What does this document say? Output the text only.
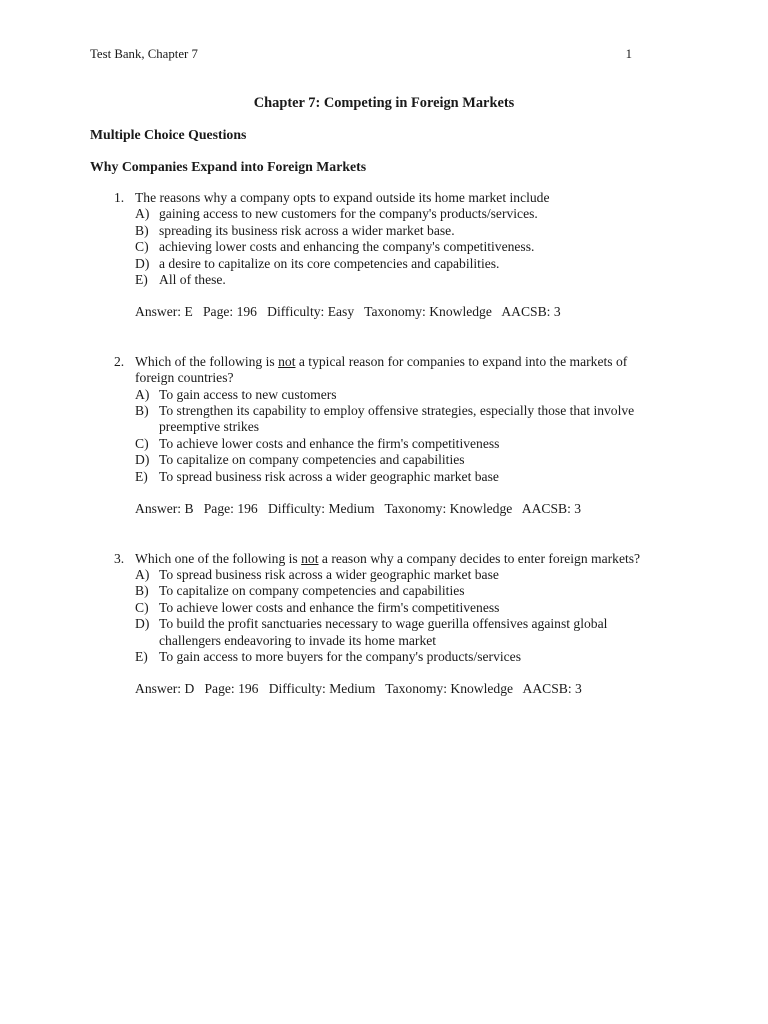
Test Bank, Chapter 7	1
Chapter 7: Competing in Foreign Markets
Multiple Choice Questions
Why Companies Expand into Foreign Markets
1. The reasons why a company opts to expand outside its home market include

A) gaining access to new customers for the company's products/services.
B) spreading its business risk across a wider market base.
C) achieving lower costs and enhancing the company's competitiveness.
D) a desire to capitalize on its core competencies and capabilities.
E) All of these.
Answer: E Page: 196 Difficulty: Easy Taxonomy: Knowledge AACSB: 3
2. Which of the following is not a typical reason for companies to expand into the markets of foreign countries?

A) To gain access to new customers
B) To strengthen its capability to employ offensive strategies, especially those that involve preemptive strikes
C) To achieve lower costs and enhance the firm's competitiveness
D) To capitalize on company competencies and capabilities
E) To spread business risk across a wider geographic market base
Answer: B Page: 196 Difficulty: Medium Taxonomy: Knowledge AACSB: 3
3. Which one of the following is not a reason why a company decides to enter foreign markets?

A) To spread business risk across a wider geographic market base
B) To capitalize on company competencies and capabilities
C) To achieve lower costs and enhance the firm's competitiveness
D) To build the profit sanctuaries necessary to wage guerilla offensives against global challengers endeavoring to invade its home market
E) To gain access to more buyers for the company's products/services
Answer: D Page: 196 Difficulty: Medium Taxonomy: Knowledge AACSB: 3
